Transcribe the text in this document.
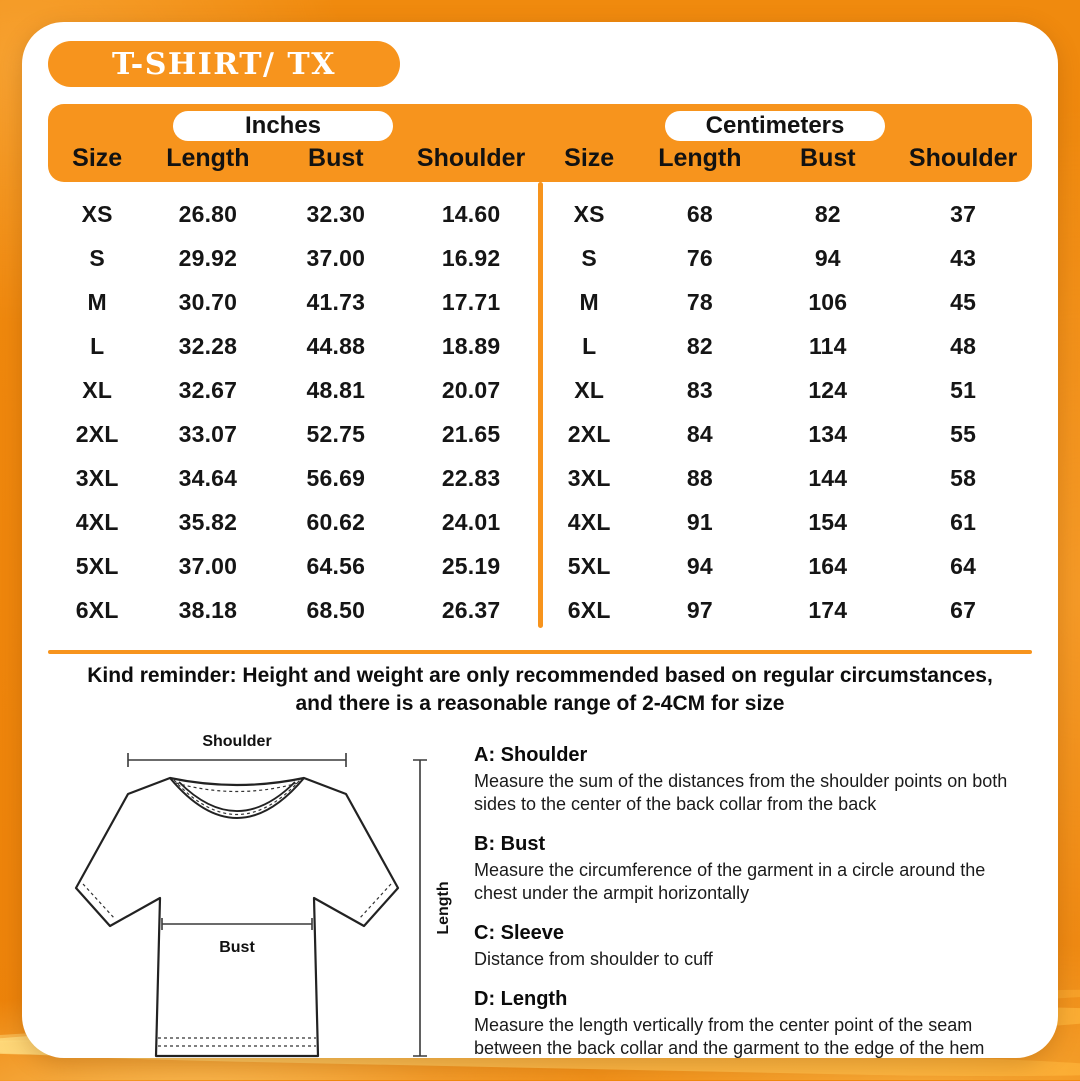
T-SHIRT/ TX
Inches
Size	Length	Bust	Shoulder
Centimeters
Size	Length	Bust	Shoulder
XS	26.80	32.30	14.60
S	29.92	37.00	16.92
M	30.70	41.73	17.71
L	32.28	44.88	18.89
XL	32.67	48.81	20.07
2XL	33.07	52.75	21.65
3XL	34.64	56.69	22.83
4XL	35.82	60.62	24.01
5XL	37.00	64.56	25.19
6XL	38.18	68.50	26.37
XS	68	82	37
S	76	94	43
M	78	106	45
L	82	114	48
XL	83	124	51
2XL	84	134	55
3XL	88	144	58
4XL	91	154	61
5XL	94	164	64
6XL	97	174	67
Kind reminder: Height and weight are only recommended based on regular circumstances,
and there is a reasonable range of 2-4CM for size
Shoulder
Bust
Length
A: Shoulder

Measure the sum of the distances from the shoulder points on both sides to the center of the back collar from the back

B: Bust

Measure the circumference of the garment in a circle around the chest under the armpit horizontally

C: Sleeve

Distance from shoulder to cuff

D: Length

Measure the length vertically from the center point of the seam between the back collar and the garment to the edge of the hem
